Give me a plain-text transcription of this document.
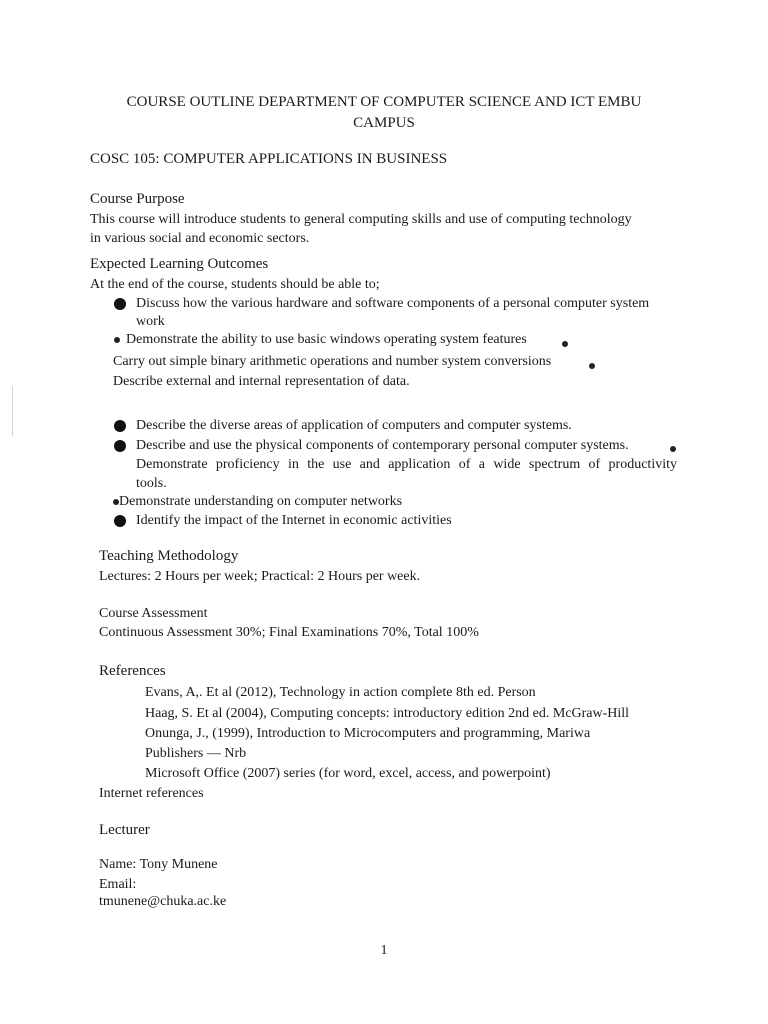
COURSE OUTLINE DEPARTMENT OF COMPUTER SCIENCE AND ICT EMBU
CAMPUS
COSC 105: COMPUTER APPLICATIONS IN BUSINESS
Course Purpose
This course will introduce students to general computing skills and use of computing technology
in various social and economic sectors.
Expected Learning Outcomes
At the end of the course, students should be able to;
Discuss how the various hardware and software components of a personal computer system
work
Demonstrate the ability to use basic windows operating system features
Carry out simple binary arithmetic operations and number system conversions
Describe external and internal representation of data.
Describe the diverse areas of application of computers and computer systems.
Describe and use the physical components of contemporary personal computer systems.
Demonstrate proficiency in the use and application of a wide spectrum of productivity
tools.
Demonstrate understanding on computer networks
Identify the impact of the Internet in economic activities
Teaching Methodology
Lectures: 2 Hours per week; Practical: 2 Hours per week.
Course Assessment
Continuous Assessment 30%; Final Examinations 70%, Total 100%
References
Evans, A,. Et al (2012), Technology in action complete 8th ed. Person
Haag, S. Et al (2004), Computing concepts: introductory edition 2nd ed. McGraw-Hill
Onunga, J., (1999), Introduction to Microcomputers and programming, Mariwa
Publishers — Nrb
Microsoft Office (2007) series (for word, excel, access, and powerpoint)
Internet references
Lecturer
Name: Tony Munene
Email:
tmunene@chuka.ac.ke
1
